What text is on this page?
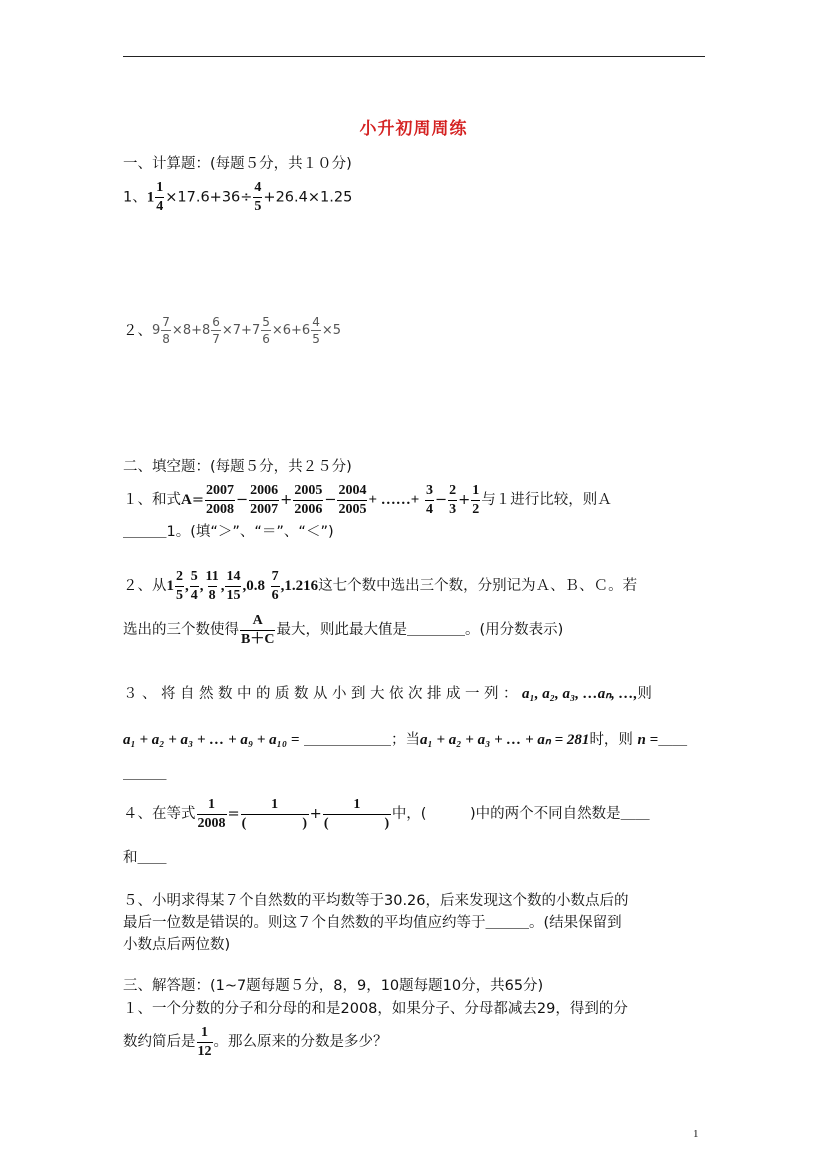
小升初周周练
一、计算题：(每题５分，共１０分)
1、$1 \frac{1}{4} \times 17.6+36\div \frac{4}{5} +26.4\times 1.25$
２、$9 \frac{7}{8} \times 8+8 \frac{6}{7} \times 7+7 \frac{5}{6} \times 6+6 \frac{4}{5} \times 5$
二、填空题：(每题５分，共２５分)
１、和式$A= \frac{2007}{2008} - \frac{2006}{2007} + \frac{2005}{2006} - \frac{2004}{2005}$ + ……+ $\frac{3}{4} - \frac{2}{3} + \frac{1}{2}$ 与１进行比较，则Ａ
＿＿＿1。(填“＞”、“＝”、“＜”)
２、从$1 \frac{2}{5}$ , $\frac{5}{4}$ , $\frac{11}{8}$ , $\frac{14}{15} ,0.8 \frac{7}{6} ,1.216$这七个数中选出三个数，分别记为Ａ、Ｂ、Ｃ。若
选出的三个数使得 $\frac{A}{B+C}$ 最大，则此最大值是＿＿＿＿。(用分数表示)
３、将自然数中的质数从小到大依次排成一列：a₁, a₂, a₃, …aₙ, …,则
a₁ + a₂ + a₃ + … + a₉ + a₁₀ = ＿＿＿＿＿＿；当a₁ + a₂ + a₃ + … + aₙ = 281时，则 n =＿＿
＿＿＿
４、在等式 $\frac{1}{2008} = \frac{1}{( )} + \frac{1}{( )}$ 中，(　　　)中的两个不同自然数是＿＿
和＿＿
５、小明求得某７个自然数的平均数等于30.26，后来发现这个数的小数点后的
最后一位数是错误的。则这７个自然数的平均值应约等于＿＿＿。(结果保留到
小数点后两位数)
三、解答题：(1~7题每题５分，8，9，10题每题10分，共65分)
１、一个分数的分子和分母的和是2008，如果分子、分母都减去29，得到的分
数约简后是 $\frac{1}{12}$ 。那么原来的分数是多少？
1
